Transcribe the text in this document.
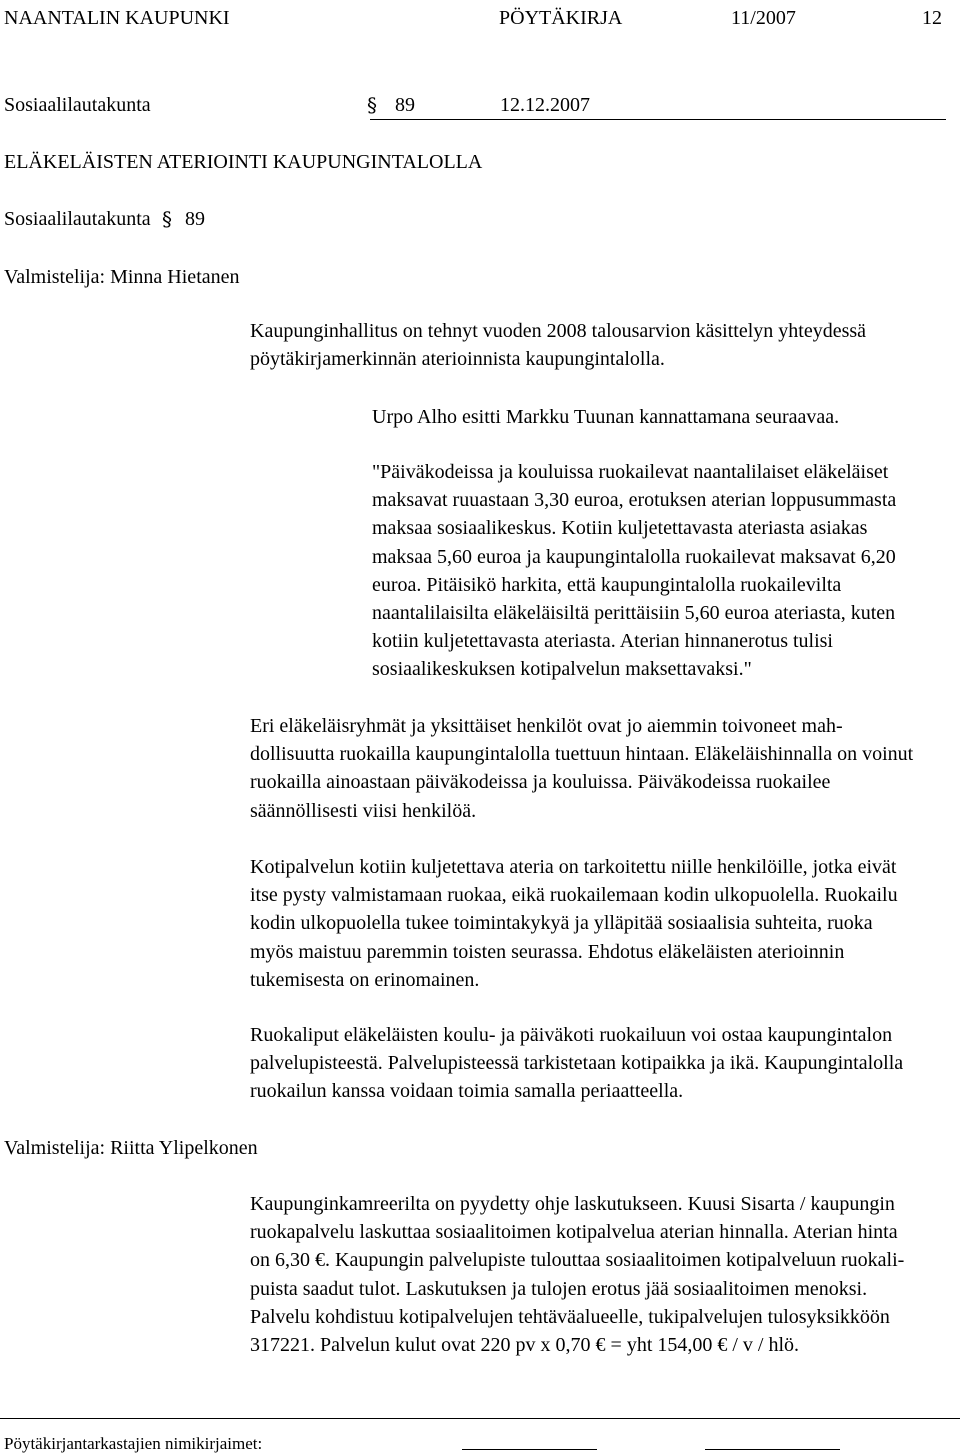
NAANTALIN KAUPUNKI	PÖYTÄKIRJA	11/2007	12
Sosiaalilautakunta	§ 89	12.12.2007
ELÄKELÄISTEN ATERIOINTI KAUPUNGINTALOLLA
Sosiaalilautakunta § 89
Valmistelija: Minna Hietanen
Kaupunginhallitus on tehnyt vuoden 2008 talousarvion käsittelyn yhteydessä
pöytäkirjamerkinnän aterioinnista kaupungintalolla.
Urpo Alho esitti Markku Tuunan kannattamana seuraavaa.
"Päiväkodeissa ja kouluissa ruokailevat naantalilaiset eläkeläiset
maksavat ruuastaan 3,30 euroa, erotuksen aterian loppusummasta
maksaa sosiaalikeskus. Kotiin kuljetettavasta ateriasta asiakas
maksaa 5,60 euroa ja kaupungintalolla ruokailevat maksavat 6,20
euroa. Pitäisikö harkita, että kaupungintalolla ruokailevilta
naantalilaisilta eläkeläisiltä perittäisiin 5,60 euroa ateriasta, kuten
kotiin kuljetettavasta ateriasta. Aterian hinnanerotus tulisi
sosiaalikeskuksen kotipalvelun maksettavaksi."
Eri eläkeläisryhmät ja yksittäiset henkilöt ovat jo aiemmin toivoneet mah-
dollisuutta ruokailla kaupungintalolla tuettuun hintaan. Eläkeläishinnalla on voinut
ruokailla ainoastaan päiväkodeissa ja kouluissa. Päiväkodeissa ruokailee
säännöllisesti viisi henkilöä.
Kotipalvelun kotiin kuljetettava ateria on tarkoitettu niille henkilöille, jotka eivät
itse pysty valmistamaan ruokaa, eikä ruokailemaan kodin ulkopuolella. Ruokailu
kodin ulkopuolella tukee toimintakykyä ja ylläpitää sosiaalisia suhteita, ruoka
myös maistuu paremmin toisten seurassa. Ehdotus eläkeläisten aterioinnin
tukemisesta on erinomainen.
Ruokaliput eläkeläisten koulu- ja päiväkoti ruokailuun voi ostaa kaupungintalon
palvelupisteestä. Palvelupisteessä tarkistetaan kotipaikka ja ikä. Kaupungintalolla
ruokailun kanssa voidaan toimia samalla periaatteella.
Valmistelija: Riitta Ylipelkonen
Kaupunginkamreerilta on pyydetty ohje laskutukseen. Kuusi Sisarta / kaupungin
ruokapalvelu laskuttaa sosiaalitoimen kotipalvelua aterian hinnalla. Aterian hinta
on 6,30 €. Kaupungin palvelupiste tulouttaa sosiaalitoimen kotipalveluun ruokali-
puista saadut tulot. Laskutuksen ja tulojen erotus jää sosiaalitoimen menoksi.
Palvelu kohdistuu kotipalvelujen tehtäväalueelle, tukipalvelujen tulosyksikköön
317221. Palvelun kulut ovat 220 pv x 0,70 € = yht 154,00 € / v / hlö.
Pöytäkirjantarkastajien nimikirjaimet:
